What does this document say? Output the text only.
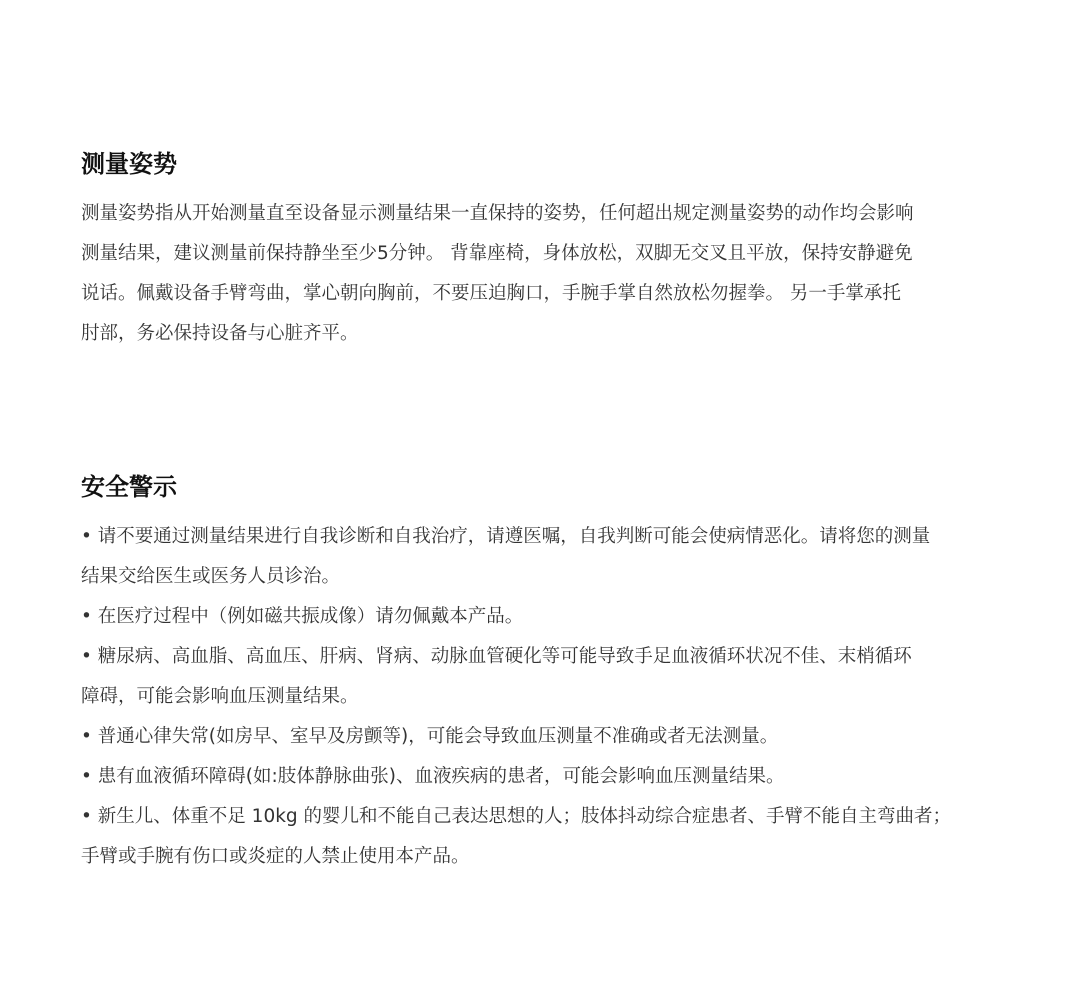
测量姿势

测量姿势指从开始测量直至设备显示测量结果一直保持的姿势，任何超出规定测量姿势的动作均会影响
测量结果，建议测量前保持静坐至少5分钟。 背靠座椅，身体放松，双脚无交叉且平放，保持安静避免
说话。佩戴设备手臂弯曲，掌心朝向胸前，不要压迫胸口，手腕手掌自然放松勿握拳。 另一手掌承托
肘部，务必保持设备与心脏齐平。

安全警示
• 请不要通过测量结果进行自我诊断和自我治疗，请遵医嘱，自我判断可能会使病情恶化。请将您的测量
结果交给医生或医务人员诊治。
• 在医疗过程中（例如磁共振成像）请勿佩戴本产品。
• 糖尿病、高血脂、高血压、肝病、肾病、动脉血管硬化等可能导致手足血液循环状况不佳、末梢循环
障碍，可能会影响血压测量结果。
• 普通心律失常(如房早、室早及房颤等)，可能会导致血压测量不准确或者无法测量。
• 患有血液循环障碍(如:肢体静脉曲张)、血液疾病的患者，可能会影响血压测量结果。
• 新生儿、体重不足 10kg 的婴儿和不能自己表达思想的人；肢体抖动综合症患者、手臂不能自主弯曲者；
手臂或手腕有伤口或炎症的人禁止使用本产品。
